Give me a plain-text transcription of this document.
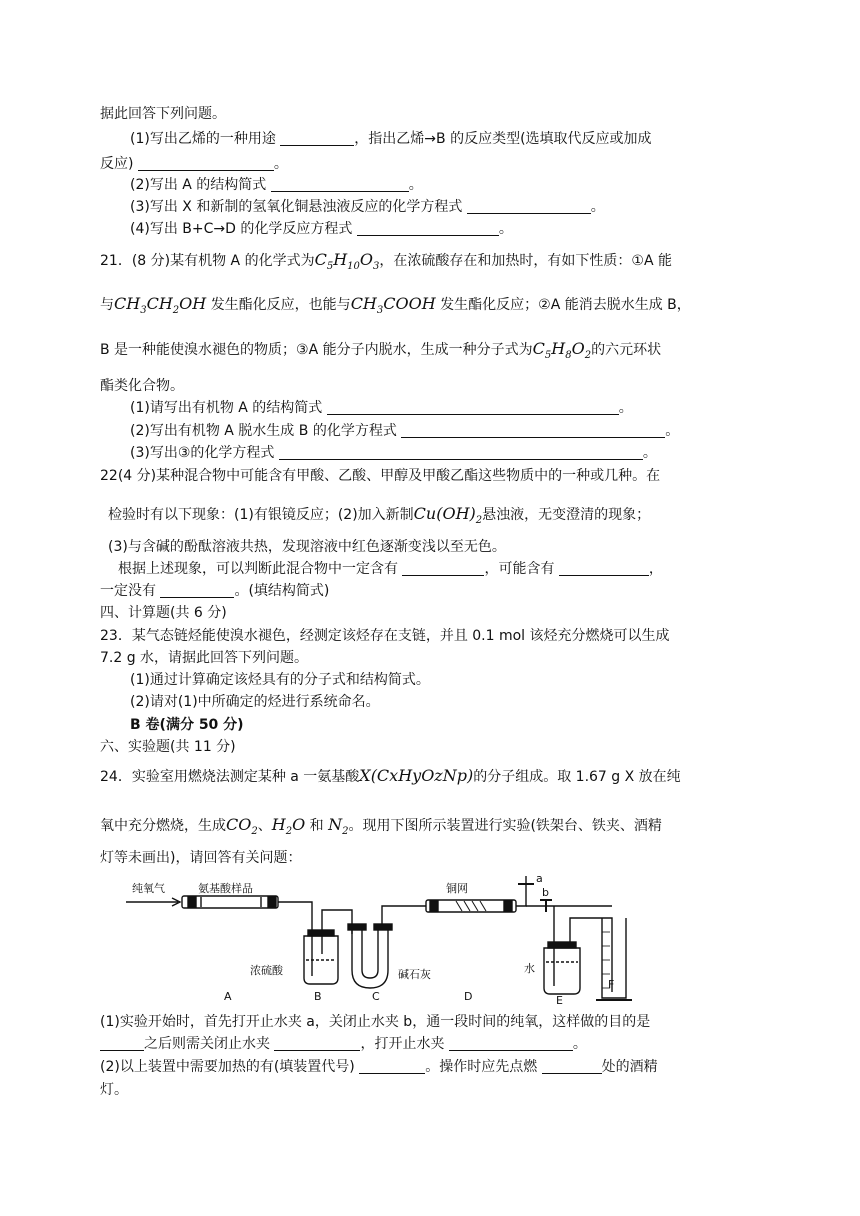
据此回答下列问题。
(1)写出乙烯的一种用途	，指出乙烯→B 的反应类型(选填取代反应或加成
反应)	。
(2)写出 A 的结构简式	。
(3)写出 X 和新制的氢氧化铜悬浊液反应的化学方程式	。
(4)写出 B+C→D 的化学反应方程式	。
21．(8 分)某有机物 A 的化学式为$C_5H_{10}O_3$，在浓硫酸存在和加热时，有如下性质：①A 能
与$CH_3CH_2OH$ 发生酯化反应，也能与$CH_3COOH$ 发生酯化反应；②A 能消去脱水生成 B，
B 是一种能使溴水褪色的物质；③A 能分子内脱水，生成一种分子式为$C_5H_8O_2$的六元环状
酯类化合物。
(1)请写出有机物 A 的结构简式	。
(2)写出有机物 A 脱水生成 B 的化学方程式	。
(3)写出③的化学方程式	。
22(4 分)某种混合物中可能含有甲酸、乙酸、甲醇及甲酸乙酯这些物质中的一种或几种。在
检验时有以下现象：(1)有银镜反应；(2)加入新制$Cu(OH)_2$悬浊液，无变澄清的现象；
(3)与含碱的酚酞溶液共热，发现溶液中红色逐渐变浅以至无色。
根据上述现象，可以判断此混合物中一定含有	，可能含有	，
一定没有	。(填结构简式)
四、计算题(共 6 分)
23．某气态链烃能使溴水褪色，经测定该烃存在支链，并且 0.1 mol 该烃充分燃烧可以生成
7.2 g 水，请据此回答下列问题。
(1)通过计算确定该烃具有的分子式和结构简式。
(2)请对(1)中所确定的烃进行系统命名。
B 卷(满分 50 分)
六、实验题(共 11 分)
24．实验室用燃烧法测定某种 a 一氨基酸X(CxHyOzNp)的分子组成。取 1.67 g X 放在纯
氧中充分燃烧，生成$CO_2$、$H_2O$ 和 $N_2$。现用下图所示装置进行实验(铁架台、铁夹、酒精
灯等未画出)，请回答有关问题：
纯氧气	氨基酸样品	铜网
a
b
浓硫酸	碱石灰	水
A	B	C	D	E
F
(1)实验开始时，首先打开止水夹 a，关闭止水夹 b，通一段时间的纯氧，这样做的目的是
之后则需关闭止水夹	，打开止水夹	。
(2)以上装置中需要加热的有(填装置代号)	。操作时应先点燃	处的酒精
灯。
